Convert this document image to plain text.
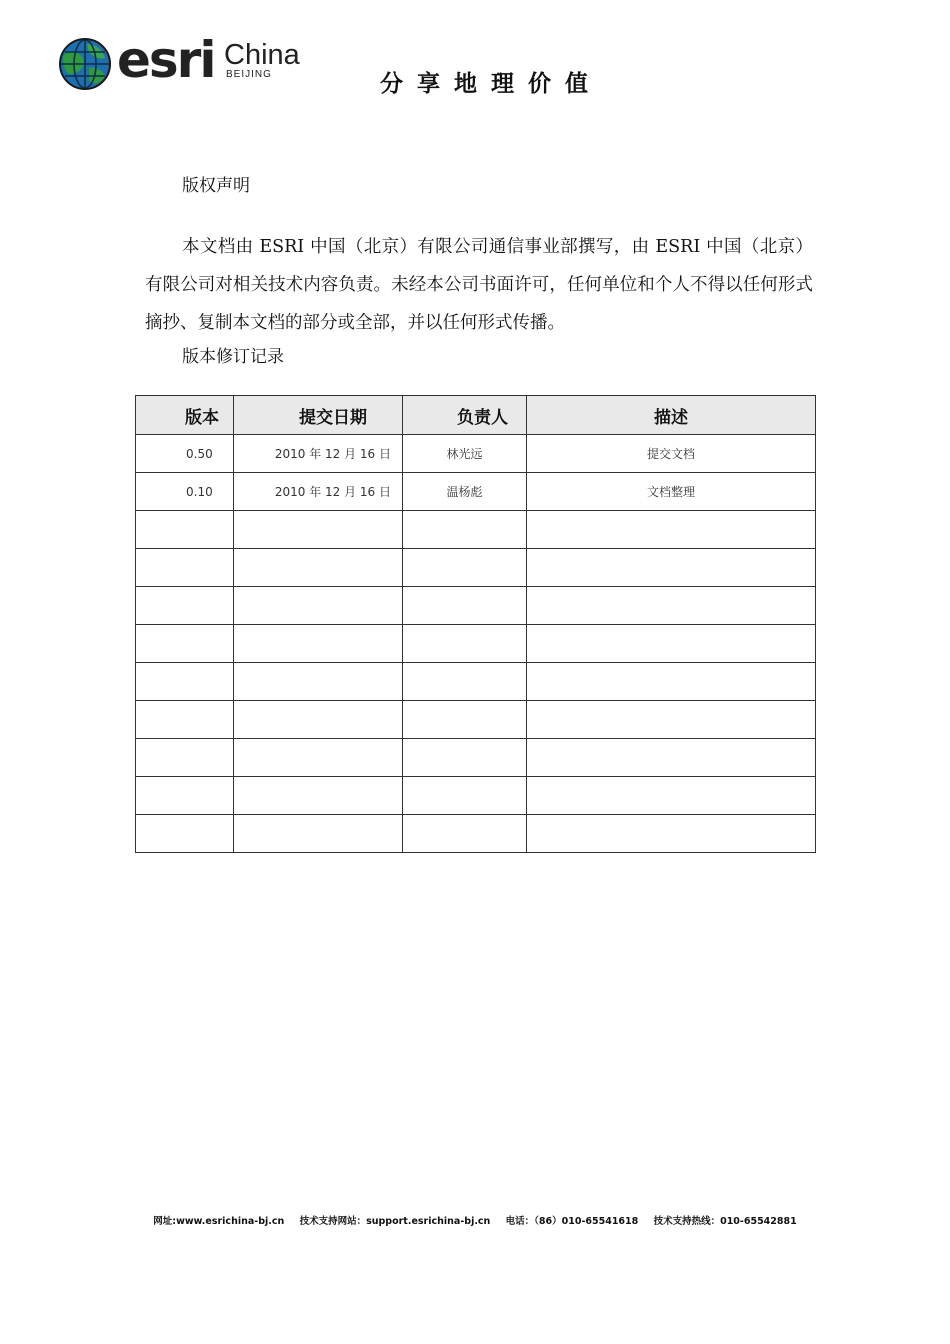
esri China
BEIJING	分享地理价值
版权声明
本文档由 ESRI 中国（北京）有限公司通信事业部撰写，由 ESRI 中国（北京）有限公司对相关技术内容负责。未经本公司书面许可，任何单位和个人不得以任何形式摘抄、复制本文档的部分或全部，并以任何形式传播。
版本修订记录
版本	提交日期	负责人	描述
0.50	2010 年 12 月 16 日	林光远	提交文档
0.10	2010 年 12 月 16 日	温杨彪	文档整理

网址:www.esrichina-bj.cn 技术支持网站：support.esrichina-bj.cn 电话：（86）010-65541618 技术支持热线：010-65542881
